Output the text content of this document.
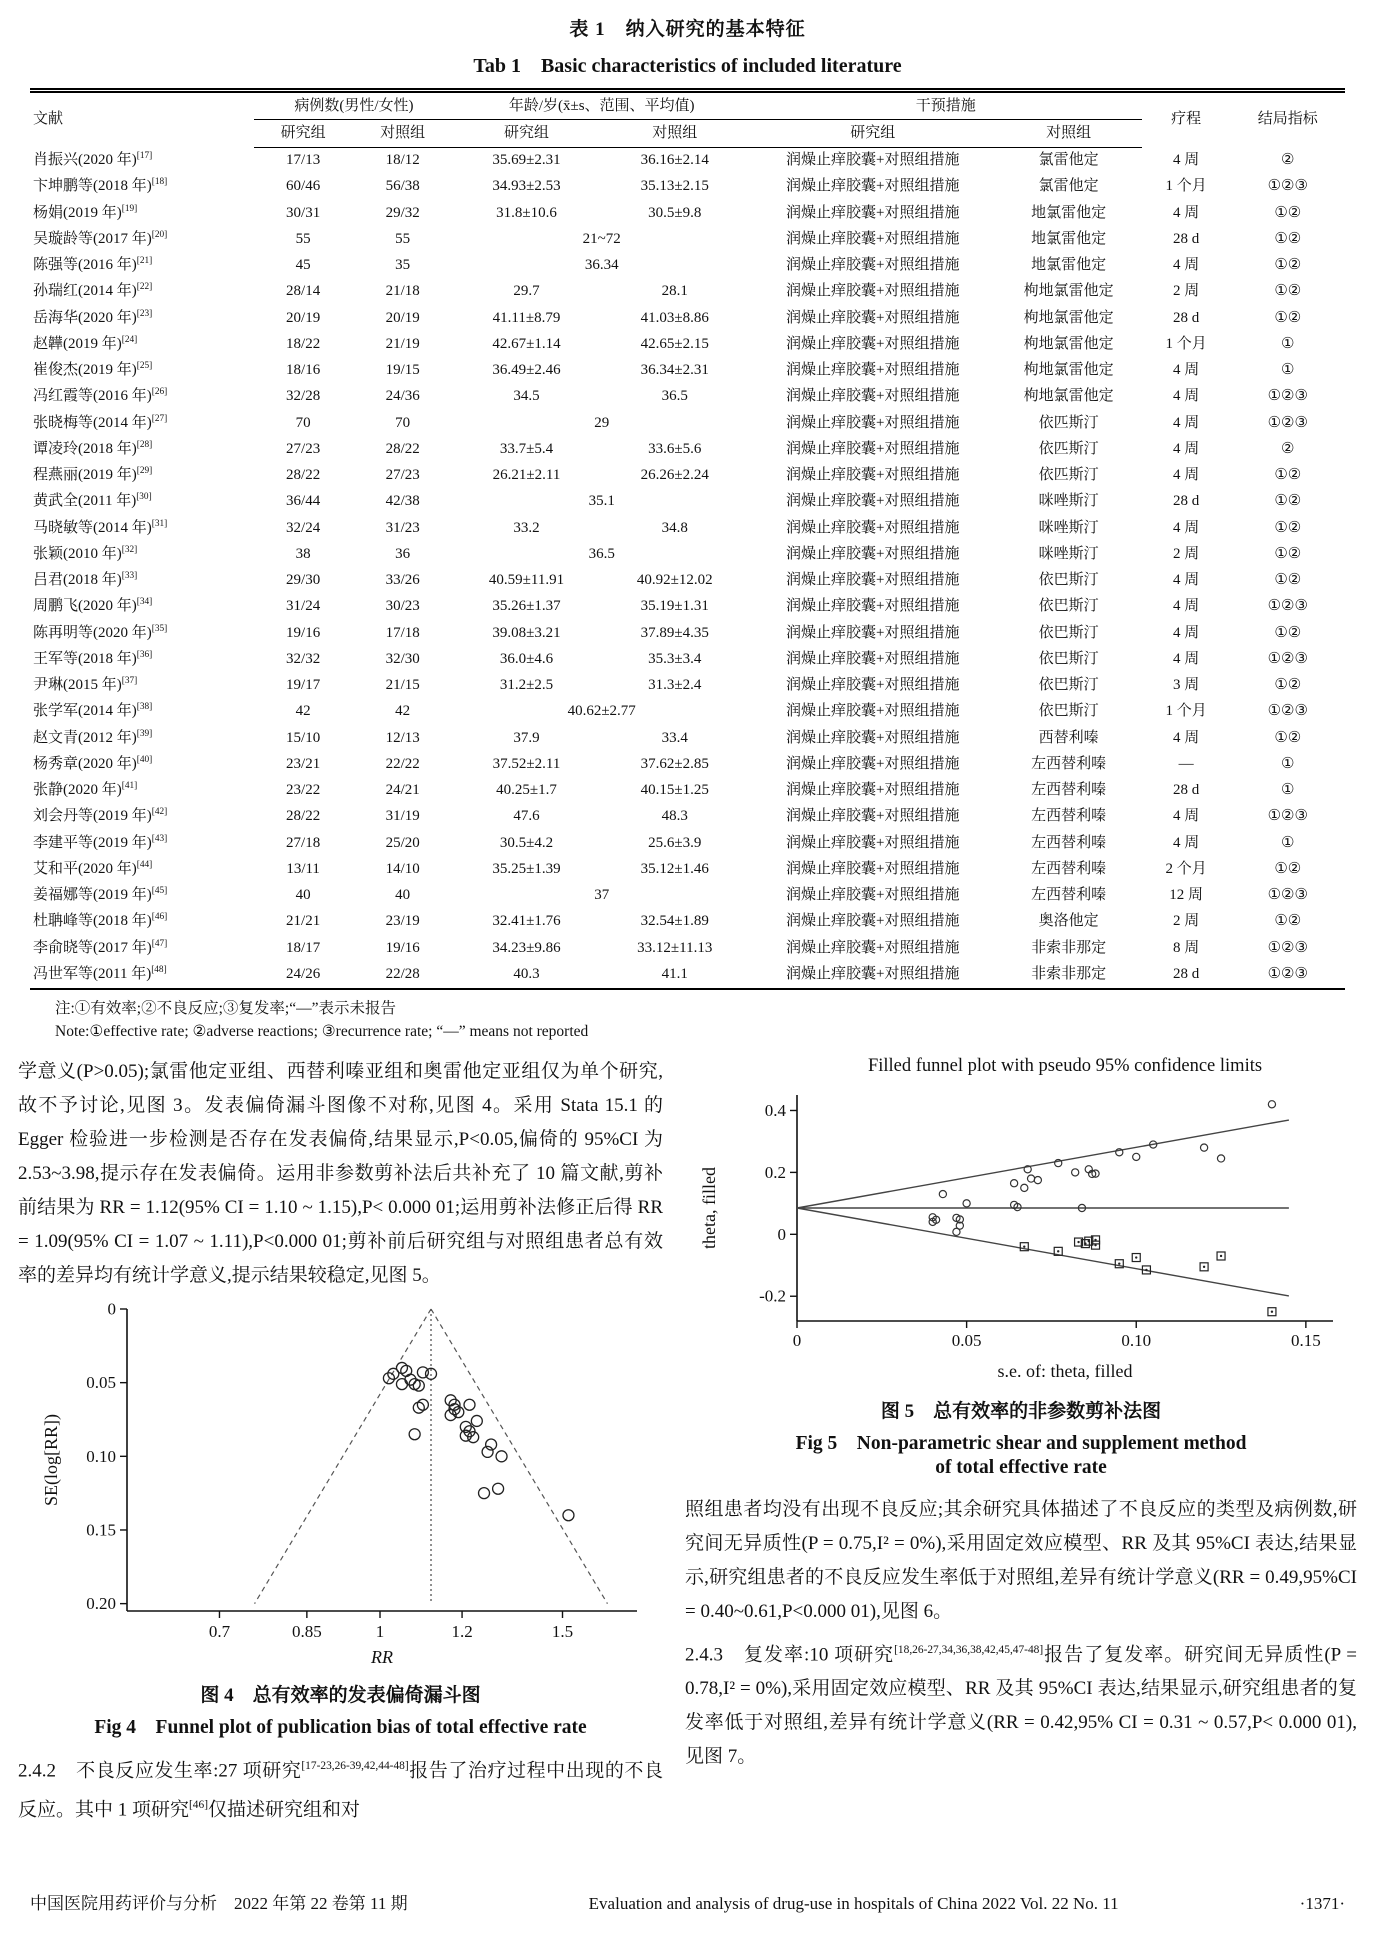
表 1　纳入研究的基本特征
Tab 1　Basic characteristics of included literature
文献	病例数(男性/女性)		年龄/岁(x̄±s、范围、平均值)		干预措施		疗程	结局指标
	研究组	对照组	研究组	对照组	研究组	对照组		
肖振兴(2020 年)[17]	17/13	18/12	35.69±2.31	36.16±2.14	润燥止痒胶囊+对照组措施	氯雷他定	4 周	②
卞坤鹏等(2018 年)[18]	60/46	56/38	34.93±2.53	35.13±2.15	润燥止痒胶囊+对照组措施	氯雷他定	1 个月	①②③
杨娟(2019 年)[19]	30/31	29/32	31.8±10.6	30.5±9.8	润燥止痒胶囊+对照组措施	地氯雷他定	4 周	①②
吴璇龄等(2017 年)[20]	55	55	21~72		润燥止痒胶囊+对照组措施	地氯雷他定	28 d	①②
陈强等(2016 年)[21]	45	35	36.34		润燥止痒胶囊+对照组措施	地氯雷他定	4 周	①②
孙瑞红(2014 年)[22]	28/14	21/18	29.7	28.1	润燥止痒胶囊+对照组措施	枸地氯雷他定	2 周	①②
岳海华(2020 年)[23]	20/19	20/19	41.11±8.79	41.03±8.86	润燥止痒胶囊+对照组措施	枸地氯雷他定	28 d	①②
赵韡(2019 年)[24]	18/22	21/19	42.67±1.14	42.65±2.15	润燥止痒胶囊+对照组措施	枸地氯雷他定	1 个月	①
崔俊杰(2019 年)[25]	18/16	19/15	36.49±2.46	36.34±2.31	润燥止痒胶囊+对照组措施	枸地氯雷他定	4 周	①
冯红霞等(2016 年)[26]	32/28	24/36	34.5	36.5	润燥止痒胶囊+对照组措施	枸地氯雷他定	4 周	①②③
张晓梅等(2014 年)[27]	70	70	29		润燥止痒胶囊+对照组措施	依匹斯汀	4 周	①②③
谭凌玲(2018 年)[28]	27/23	28/22	33.7±5.4	33.6±5.6	润燥止痒胶囊+对照组措施	依匹斯汀	4 周	②
程燕丽(2019 年)[29]	28/22	27/23	26.21±2.11	26.26±2.24	润燥止痒胶囊+对照组措施	依匹斯汀	4 周	①②
黄武全(2011 年)[30]	36/44	42/38	35.1		润燥止痒胶囊+对照组措施	咪唑斯汀	28 d	①②
马晓敏等(2014 年)[31]	32/24	31/23	33.2	34.8	润燥止痒胶囊+对照组措施	咪唑斯汀	4 周	①②
张颖(2010 年)[32]	38	36	36.5		润燥止痒胶囊+对照组措施	咪唑斯汀	2 周	①②
吕君(2018 年)[33]	29/30	33/26	40.59±11.91	40.92±12.02	润燥止痒胶囊+对照组措施	依巴斯汀	4 周	①②
周鹏飞(2020 年)[34]	31/24	30/23	35.26±1.37	35.19±1.31	润燥止痒胶囊+对照组措施	依巴斯汀	4 周	①②③
陈再明等(2020 年)[35]	19/16	17/18	39.08±3.21	37.89±4.35	润燥止痒胶囊+对照组措施	依巴斯汀	4 周	①②
王军等(2018 年)[36]	32/32	32/30	36.0±4.6	35.3±3.4	润燥止痒胶囊+对照组措施	依巴斯汀	4 周	①②③
尹琳(2015 年)[37]	19/17	21/15	31.2±2.5	31.3±2.4	润燥止痒胶囊+对照组措施	依巴斯汀	3 周	①②
张学军(2014 年)[38]	42	42	40.62±2.77		润燥止痒胶囊+对照组措施	依巴斯汀	1 个月	①②③
赵文青(2012 年)[39]	15/10	12/13	37.9	33.4	润燥止痒胶囊+对照组措施	西替利嗪	4 周	①②
杨秀章(2020 年)[40]	23/21	22/22	37.52±2.11	37.62±2.85	润燥止痒胶囊+对照组措施	左西替利嗪	—	①
张静(2020 年)[41]	23/22	24/21	40.25±1.7	40.15±1.25	润燥止痒胶囊+对照组措施	左西替利嗪	28 d	①
刘会丹等(2019 年)[42]	28/22	31/19	47.6	48.3	润燥止痒胶囊+对照组措施	左西替利嗪	4 周	①②③
李建平等(2019 年)[43]	27/18	25/20	30.5±4.2	25.6±3.9	润燥止痒胶囊+对照组措施	左西替利嗪	4 周	①
艾和平(2020 年)[44]	13/11	14/10	35.25±1.39	35.12±1.46	润燥止痒胶囊+对照组措施	左西替利嗪	2 个月	①②
姜福娜等(2019 年)[45]	40	40	37		润燥止痒胶囊+对照组措施	左西替利嗪	12 周	①②③
杜聃峰等(2018 年)[46]	21/21	23/19	32.41±1.76	32.54±1.89	润燥止痒胶囊+对照组措施	奥洛他定	2 周	①②
李俞晓等(2017 年)[47]	18/17	19/16	34.23±9.86	33.12±11.13	润燥止痒胶囊+对照组措施	非索非那定	8 周	①②③
冯世军等(2011 年)[48]	24/26	22/28	40.3	41.1	润燥止痒胶囊+对照组措施	非索非那定	28 d	①②③
注:①有效率;②不良反应;③复发率;“—”表示未报告
Note:①effective rate; ②adverse reactions; ③recurrence rate; “—” means not reported

学意义(P>0.05);氯雷他定亚组、西替利嗪亚组和奥雷他定亚组仅为单个研究,故不予讨论,见图 3。发表偏倚漏斗图像不对称,见图 4。采用 Stata 15.1 的 Egger 检验进一步检测是否存在发表偏倚,结果显示,P<0.05,偏倚的 95%CI 为 2.53~3.98,提示存在发表偏倚。运用非参数剪补法后共补充了 10 篇文献,剪补前结果为 RR = 1.12(95% CI = 1.10 ~ 1.15),P< 0.000 01;运用剪补法修正后得 RR = 1.09(95% CI = 1.07 ~ 1.11),P<0.000 01;剪补前后研究组与对照组患者总有效率的差异均有统计学意义,提示结果较稳定,见图 5。

0
0.05
0.10
0.15
0.20
0.7	0.85	1	1.2	1.5
SE(log[RR])
RR
图 4　总有效率的发表偏倚漏斗图
Fig 4　Funnel plot of publication bias of total effective rate

2.4.2　不良反应发生率:27 项研究[17-23,26-39,42,44-48]报告了治疗过程中出现的不良反应。其中 1 项研究[46]仅描述研究组和对

Filled funnel plot with pseudo 95% confidence limits
0.4
0.2
0
-0.2
0	0.05	0.10	0.15
theta, filled
s.e. of: theta, filled
图 5　总有效率的非参数剪补法图
Fig 5　Non-parametric shear and supplement method
of total effective rate

照组患者均没有出现不良反应;其余研究具体描述了不良反应的类型及病例数,研究间无异质性(P = 0.75,I² = 0%),采用固定效应模型、RR 及其 95%CI 表达,结果显示,研究组患者的不良反应发生率低于对照组,差异有统计学意义(RR = 0.49,95%CI = 0.40~0.61,P<0.000 01),见图 6。

2.4.3　复发率:10 项研究[18,26-27,34,36,38,42,45,47-48]报告了复发率。研究间无异质性(P = 0.78,I² = 0%),采用固定效应模型、RR 及其 95%CI 表达,结果显示,研究组患者的复发率低于对照组,差异有统计学意义(RR = 0.42,95% CI = 0.31 ~ 0.57,P< 0.000 01),见图 7。

中国医院用药评价与分析　2022 年第 22 卷第 11 期	Evaluation and analysis of drug-use in hospitals of China 2022 Vol. 22 No. 11	·1371·
